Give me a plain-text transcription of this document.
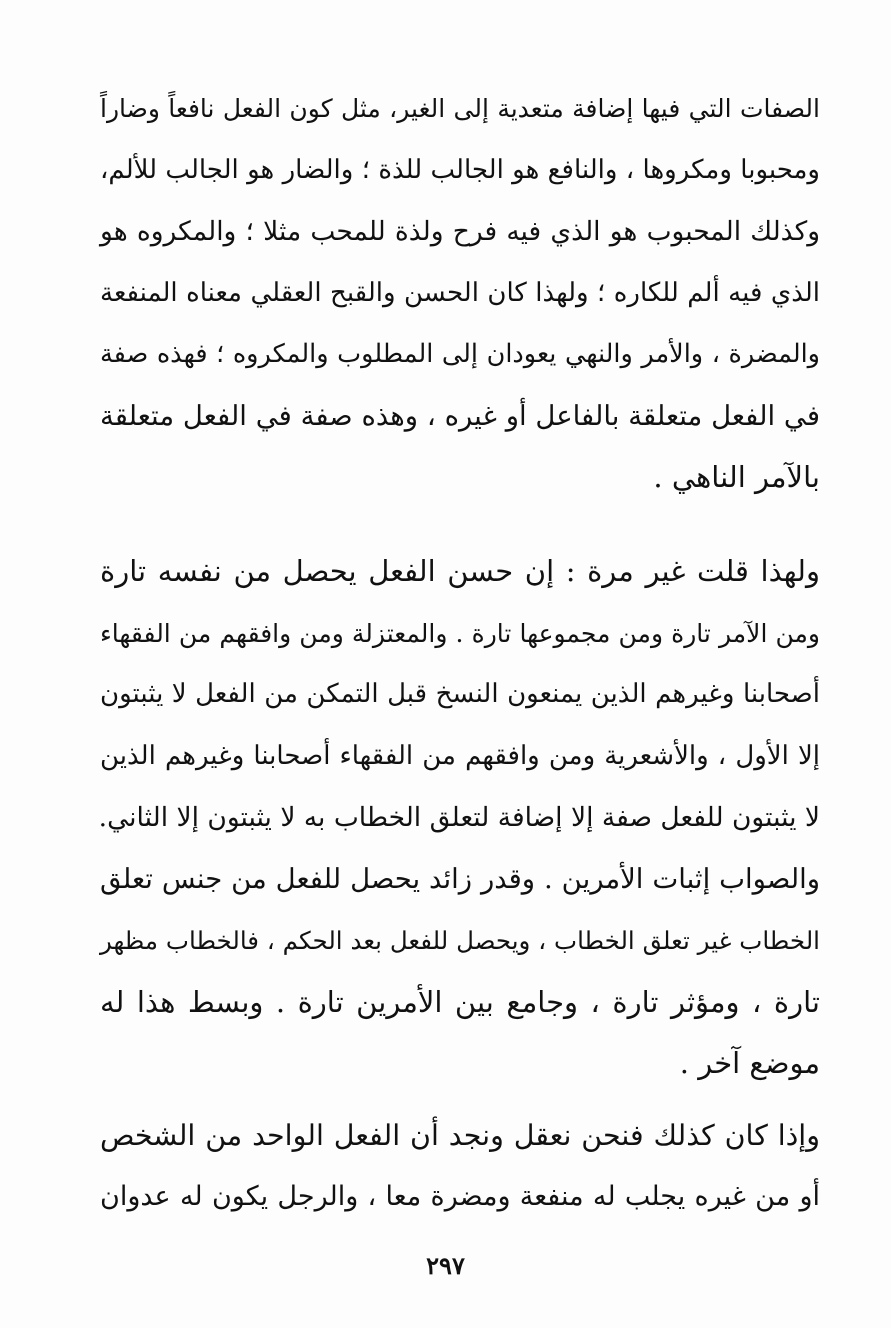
الصفات التي فيها إضافة متعدية إلى الغير، مثل كون الفعل نافعاً وضاراً
ومحبوبا ومكروها ، والنافع هو الجالب للذة ؛ والضار هو الجالب للألم،
وكذلك المحبوب هو الذي فيه فرح ولذة للمحب مثلا ؛ والمكروه هو
الذي فيه ألم للكاره ؛ ولهذا كان الحسن والقبح العقلي معناه المنفعة
والمضرة ، والأمر والنهي يعودان إلى المطلوب والمكروه ؛ فهذه صفة
في الفعل متعلقة بالفاعل أو غيره ، وهذه صفة في الفعل متعلقة
بالآمر الناهي .
ولهذا قلت غير مرة : إن حسن الفعل يحصل من نفسه تارة
ومن الآمر تارة ومن مجموعها تارة . والمعتزلة ومن وافقهم من الفقهاء
أصحابنا وغيرهم الذين يمنعون النسخ قبل التمكن من الفعل لا يثبتون
إلا الأول ، والأشعرية ومن وافقهم من الفقهاء أصحابنا وغيرهم الذين
لا يثبتون للفعل صفة إلا إضافة لتعلق الخطاب به لا يثبتون إلا الثاني.
والصواب إثبات الأمرين . وقدر زائد يحصل للفعل من جنس تعلق
الخطاب غير تعلق الخطاب ، ويحصل للفعل بعد الحكم ، فالخطاب مظهر
تارة ، ومؤثر تارة ، وجامع بين الأمرين تارة . وبسط هذا له
موضع آخر .
وإذا كان كذلك فنحن نعقل ونجد أن الفعل الواحد من الشخص
أو من غيره يجلب له منفعة ومضرة معا ، والرجل يكون له عدوان
٢٩٧
